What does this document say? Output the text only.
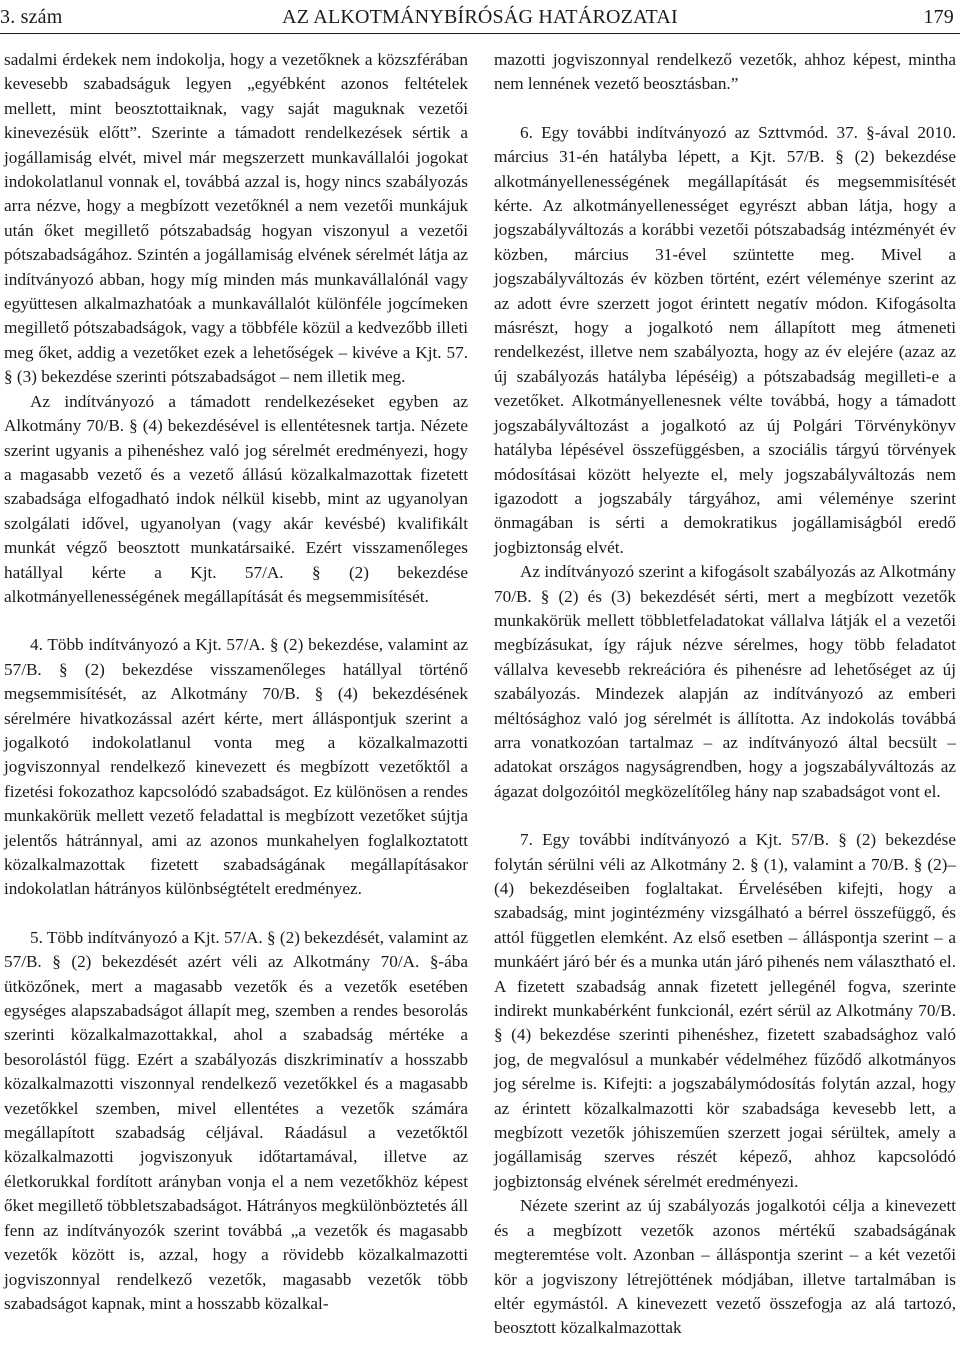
3. szám	AZ ALKOTMÁNYBÍRÓSÁG HATÁROZATAI	179

sadalmi érdekek nem indokolja, hogy a vezetőknek a közszférában kevesebb szabadságuk legyen „egyébként azonos feltételek mellett, mint beosztottaiknak, vagy saját maguknak vezetői kinevezésük előtt”. Szerinte a támadott rendelkezések sértik a jogállamiság elvét, mivel már megszerzett munkavállalói jogokat indokolatlanul vonnak el, továbbá azzal is, hogy nincs szabályozás arra nézve, hogy a megbízott vezetőknél a nem vezetői munkájuk után őket megillető pótszabadság hogyan viszonyul a vezetői pótszabadságához. Szintén a jogállamiság elvének sérelmét látja az indítványozó abban, hogy míg minden más munkavállalónál vagy együttesen alkalmazhatóak a munkavállalót különféle jogcímeken megillető pótszabadságok, vagy a többféle közül a kedvezőbb illeti meg őket, addig a vezetőket ezek a lehetőségek – kivéve a Kjt. 57. § (3) bekezdése szerinti pótszabadságot – nem illetik meg.

Az indítványozó a támadott rendelkezéseket egyben az Alkotmány 70/B. § (4) bekezdésével is ellentétesnek tartja. Nézete szerint ugyanis a pihenéshez való jog sérelmét eredményezi, hogy a magasabb vezető és a vezető állású közalkalmazottak fizetett szabadsága elfogadható indok nélkül kisebb, mint az ugyanolyan szolgálati idővel, ugyanolyan (vagy akár kevésbé) kvalifikált munkát végző beosztott munkatársaiké. Ezért visszamenőleges hatállyal kérte a Kjt. 57/A. § (2) bekezdése alkotmányellenességének megállapítását és megsemmisítését.

4. Több indítványozó a Kjt. 57/A. § (2) bekezdése, valamint az 57/B. § (2) bekezdése visszamenőleges hatállyal történő megsemmisítését, az Alkotmány 70/B. § (4) bekezdésének sérelmére hivatkozással azért kérte, mert álláspontjuk szerint a jogalkotó indokolatlanul vonta meg a közalkalmazotti jogviszonnyal rendelkező kinevezett és megbízott vezetőktől a fizetési fokozathoz kapcsolódó szabadságot. Ez különösen a rendes munkakörük mellett vezető feladattal is megbízott vezetőket sújtja jelentős hátránnyal, ami az azonos munkahelyen foglalkoztatott közalkalmazottak fizetett szabadságának megállapításakor indokolatlan hátrányos különbségtételt eredményez.

5. Több indítványozó a Kjt. 57/A. § (2) bekezdését, valamint az 57/B. § (2) bekezdését azért véli az Alkotmány 70/A. §-ába ütközőnek, mert a magasabb vezetők és a vezetők esetében egységes alapszabadságot állapít meg, szemben a rendes besorolás szerinti közalkalmazottakkal, ahol a szabadság mértéke a besorolástól függ. Ezért a szabályozás diszkriminatív a hosszabb közalkalmazotti viszonnyal rendelkező vezetőkkel és a magasabb vezetőkkel szemben, mivel ellentétes a vezetők számára megállapított szabadság céljával. Ráadásul a vezetőktől közalkalmazotti jogviszonyuk időtartamával, illetve az életkorukkal fordított arányban vonja el a nem vezetőkhöz képest őket megillető többletszabadságot. Hátrányos megkülönböztetés áll fenn az indítványozók szerint továbbá „a vezetők és magasabb vezetők között is, azzal, hogy a rövidebb közalkalmazotti jogviszonnyal rendelkező vezetők, magasabb vezetők több szabadságot kapnak, mint a hosszabb közalkal-

mazotti jogviszonnyal rendelkező vezetők, ahhoz képest, mintha nem lennének vezető beosztásban.”

6. Egy további indítványozó az Szttvmód. 37. §-ával 2010. március 31-én hatályba lépett, a Kjt. 57/B. § (2) bekezdése alkotmányellenességének megállapítását és megsemmisítését kérte. Az alkotmányellenességet egyrészt abban látja, hogy a jogszabályváltozás a korábbi vezetői pótszabadság intézményét év közben, március 31-ével szüntette meg. Mivel a jogszabályváltozás év közben történt, ezért véleménye szerint az az adott évre szerzett jogot érintett negatív módon. Kifogásolta másrészt, hogy a jogalkotó nem állapított meg átmeneti rendelkezést, illetve nem szabályozta, hogy az év elejére (azaz az új szabályozás hatályba lépéséig) a pótszabadság megilleti-e a vezetőket. Alkotmányellenesnek vélte továbbá, hogy a támadott jogszabályváltozást a jogalkotó az új Polgári Törvénykönyv hatályba lépésével összefüggésben, a szociális tárgyú törvények módosításai között helyezte el, mely jogszabályváltozás nem igazodott a jogszabály tárgyához, ami véleménye szerint önmagában is sérti a demokratikus jogállamiságból eredő jogbiztonság elvét.

Az indítványozó szerint a kifogásolt szabályozás az Alkotmány 70/B. § (2) és (3) bekezdését sérti, mert a megbízott vezetők munkakörük mellett többletfeladatokat vállalva látják el a vezetői megbízásukat, így rájuk nézve sérelmes, hogy több feladatot vállalva kevesebb rekreációra és pihenésre ad lehetőséget az új szabályozás. Mindezek alapján az indítványozó az emberi méltósághoz való jog sérelmét is állította. Az indokolás továbbá arra vonatkozóan tartalmaz – az indítványozó által becsült – adatokat országos nagyságrendben, hogy a jogszabályváltozás az ágazat dolgozóitól megközelítőleg hány nap szabadságot vont el.

7. Egy további indítványozó a Kjt. 57/B. § (2) bekezdése folytán sérülni véli az Alkotmány 2. § (1), valamint a 70/B. § (2)–(4) bekezdéseiben foglaltakat. Érvelésében kifejti, hogy a szabadság, mint jogintézmény vizsgálható a bérrel összefüggő, és attól független elemként. Az első esetben – álláspontja szerint – a munkáért járó bér és a munka után járó pihenés nem választható el. A fizetett szabadság annak fizetett jellegénél fogva, szerinte indirekt munkabérként funkcionál, ezért sérül az Alkotmány 70/B. § (4) bekezdése szerinti pihenéshez, fizetett szabadsághoz való jog, de megvalósul a munkabér védelméhez fűződő alkotmányos jog sérelme is. Kifejti: a jogszabálymódosítás folytán azzal, hogy az érintett közalkalmazotti kör szabadsága kevesebb lett, a megbízott vezetők jóhiszeműen szerzett jogai sérültek, amely a jogállamiság szerves részét képező, ahhoz kapcsolódó jogbiztonság elvének sérelmét eredményezi.

Nézete szerint az új szabályozás jogalkotói célja a kinevezett és a megbízott vezetők azonos mértékű szabadságának megteremtése volt. Azonban – álláspontja szerint – a két vezetői kör a jogviszony létrejöttének módjában, illetve tartalmában is eltér egymástól. A kinevezett vezető összefogja az alá tartozó, beosztott közalkalmazottak
